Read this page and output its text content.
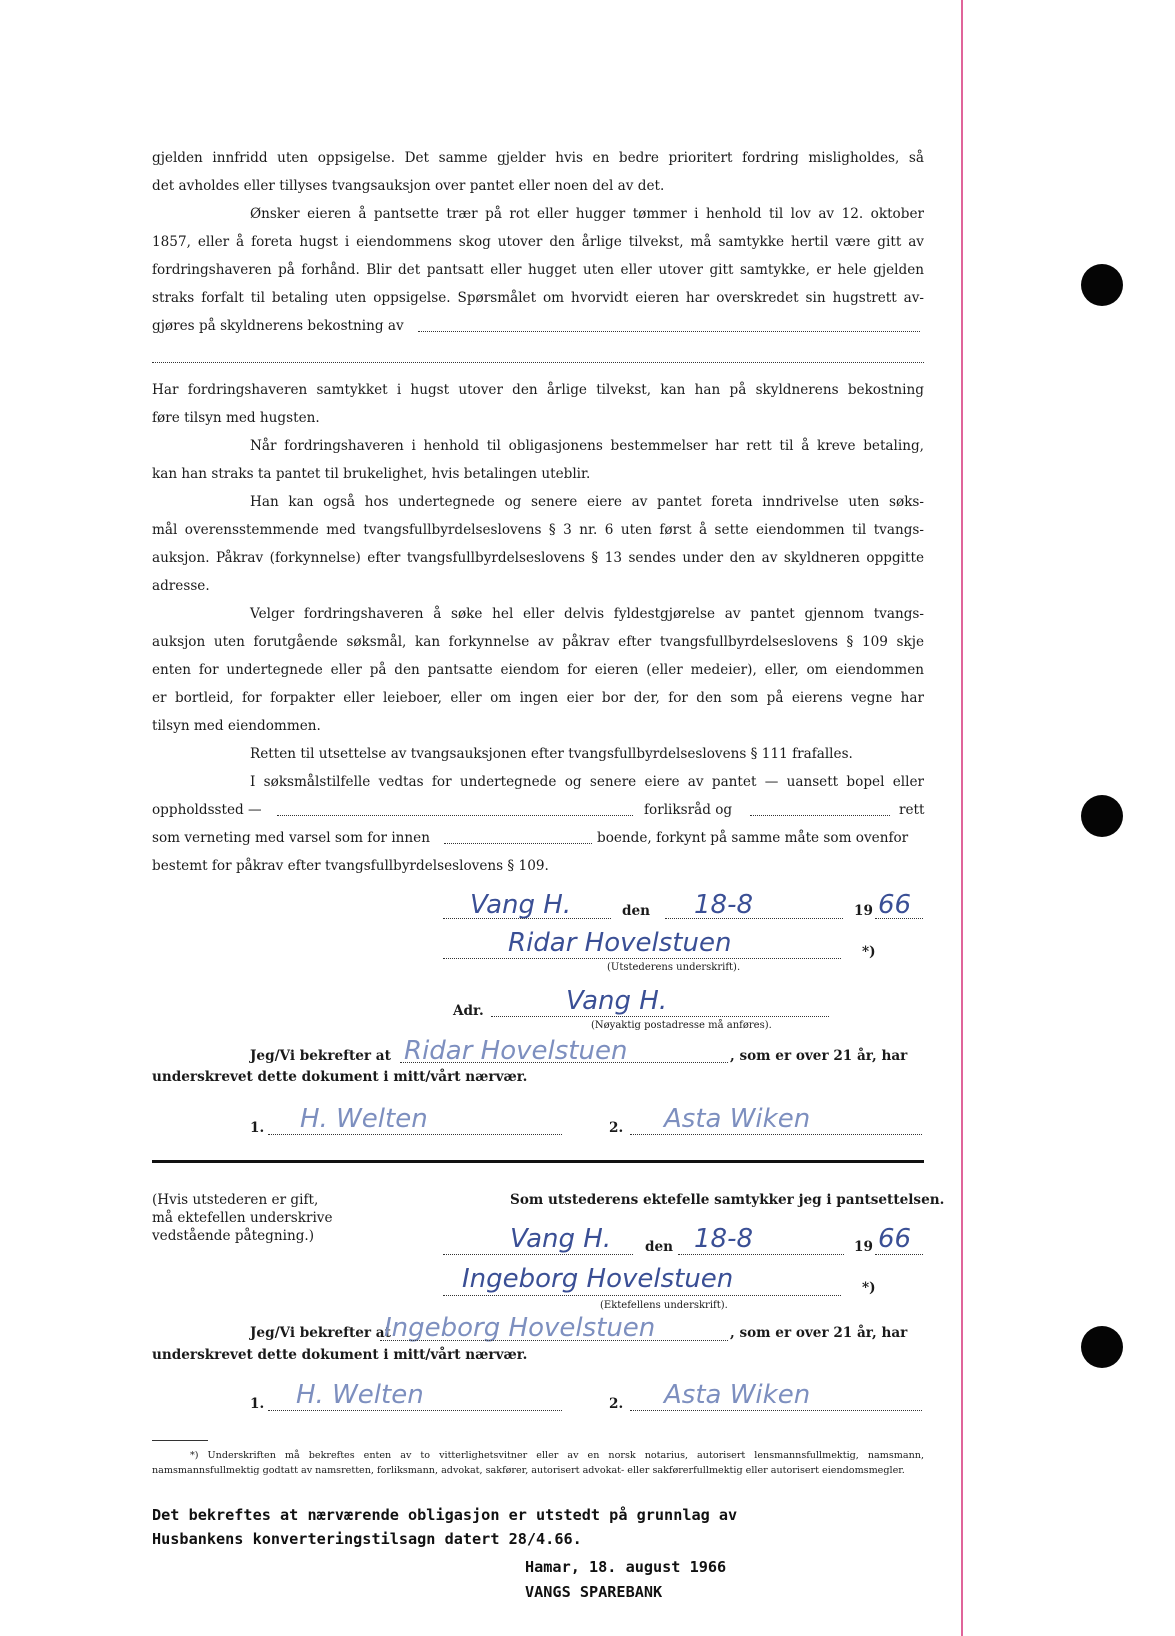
gjelden innfridd uten oppsigelse. Det samme gjelder hvis en bedre prioritert fordring misligholdes, så
det avholdes eller tillyses tvangsauksjon over pantet eller noen del av det.
Ønsker eieren å pantsette trær på rot eller hugger tømmer i henhold til lov av 12. oktober
1857, eller å foreta hugst i eiendommens skog utover den årlige tilvekst, må samtykke hertil være gitt av
fordringshaveren på forhånd. Blir det pantsatt eller hugget uten eller utover gitt samtykke, er hele gjelden
straks forfalt til betaling uten oppsigelse. Spørsmålet om hvorvidt eieren har overskredet sin hugstrett av-
gjøres på skyldnerens bekostning av
Har fordringshaveren samtykket i hugst utover den årlige tilvekst, kan han på skyldnerens bekostning
føre tilsyn med hugsten.
Når fordringshaveren i henhold til obligasjonens bestemmelser har rett til å kreve betaling,
kan han straks ta pantet til brukelighet, hvis betalingen uteblir.
Han kan også hos undertegnede og senere eiere av pantet foreta inndrivelse uten søks-
mål overensstemmende med tvangsfullbyrdelseslovens § 3 nr. 6 uten først å sette eiendommen til tvangs-
auksjon. Påkrav (forkynnelse) efter tvangsfullbyrdelseslovens § 13 sendes under den av skyldneren oppgitte
adresse.
Velger fordringshaveren å søke hel eller delvis fyldestgjørelse av pantet gjennom tvangs-
auksjon uten forutgående søksmål, kan forkynnelse av påkrav efter tvangsfullbyrdelseslovens § 109 skje
enten for undertegnede eller på den pantsatte eiendom for eieren (eller medeier), eller, om eiendommen
er bortleid, for forpakter eller leieboer, eller om ingen eier bor der, for den som på eierens vegne har
tilsyn med eiendommen.
Retten til utsettelse av tvangsauksjonen efter tvangsfullbyrdelseslovens § 111 frafalles.
I søksmålstilfelle vedtas for undertegnede og senere eiere av pantet — uansett bopel eller
oppholdssted —	forliksråd og	rett
som verneting med varsel som for innen	boende, forkynt på samme måte som ovenfor
bestemt for påkrav efter tvangsfullbyrdelseslovens § 109.
Vang H.	den 18-8	19 66
Ridar Hovelstuen	*)
(Utstederens underskrift).
Adr.	Vang H.
(Nøyaktig postadresse må anføres).
Jeg/Vi bekrefter at Ridar Hovelstuen	, som er over 21 år, har
underskrevet dette dokument i mitt/vårt nærvær.
1. H. Welten	2. Asta Wiken
(Hvis utstederen er gift,
må ektefellen underskrive
vedstående påtegning.)
Som utstederens ektefelle samtykker jeg i pantsettelsen.
Vang H. den 18-8	19 66
Ingeborg Hovelstuen	*)
(Ektefellens underskrift).
Jeg/Vi bekrefter at
Ingeborg Hovelstuen	, som er over 21 år, har
underskrevet dette dokument i mitt/vårt nærvær.
1. H. Welten	2. Asta Wiken
*) Underskriften må bekreftes enten av to vitterlighetsvitner eller av en norsk notarius, autorisert lensmannsfullmektig, namsmann, namsmannsfullmektig godtatt av namsretten, forliksmann, advokat, sakfører, autorisert advokat- eller sakførerfullmektig eller autorisert eiendomsmegler.
Det bekreftes at nærværende obligasjon er utstedt på grunnlag av
Husbankens konverteringstilsagn datert 28/4.66.
Hamar, 18. august 1966
VANGS SPAREBANK
